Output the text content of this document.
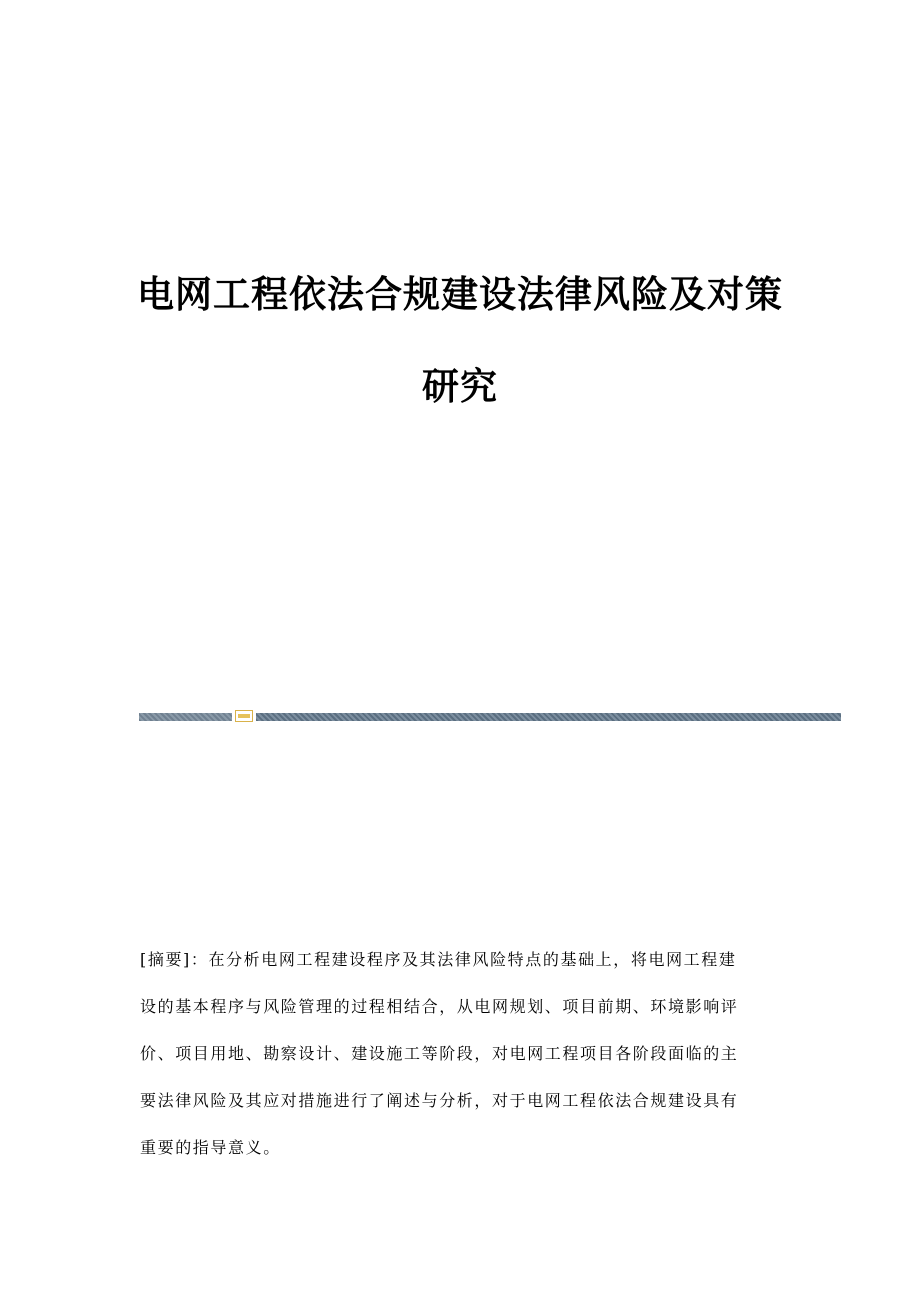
电网工程依法合规建设法律风险及对策
研究
[摘要]：在分析电网工程建设程序及其法律风险特点的基础上，将电网工程建
设的基本程序与风险管理的过程相结合，从电网规划、项目前期、环境影响评
价、项目用地、勘察设计、建设施工等阶段，对电网工程项目各阶段面临的主
要法律风险及其应对措施进行了阐述与分析，对于电网工程依法合规建设具有
重要的指导意义。
